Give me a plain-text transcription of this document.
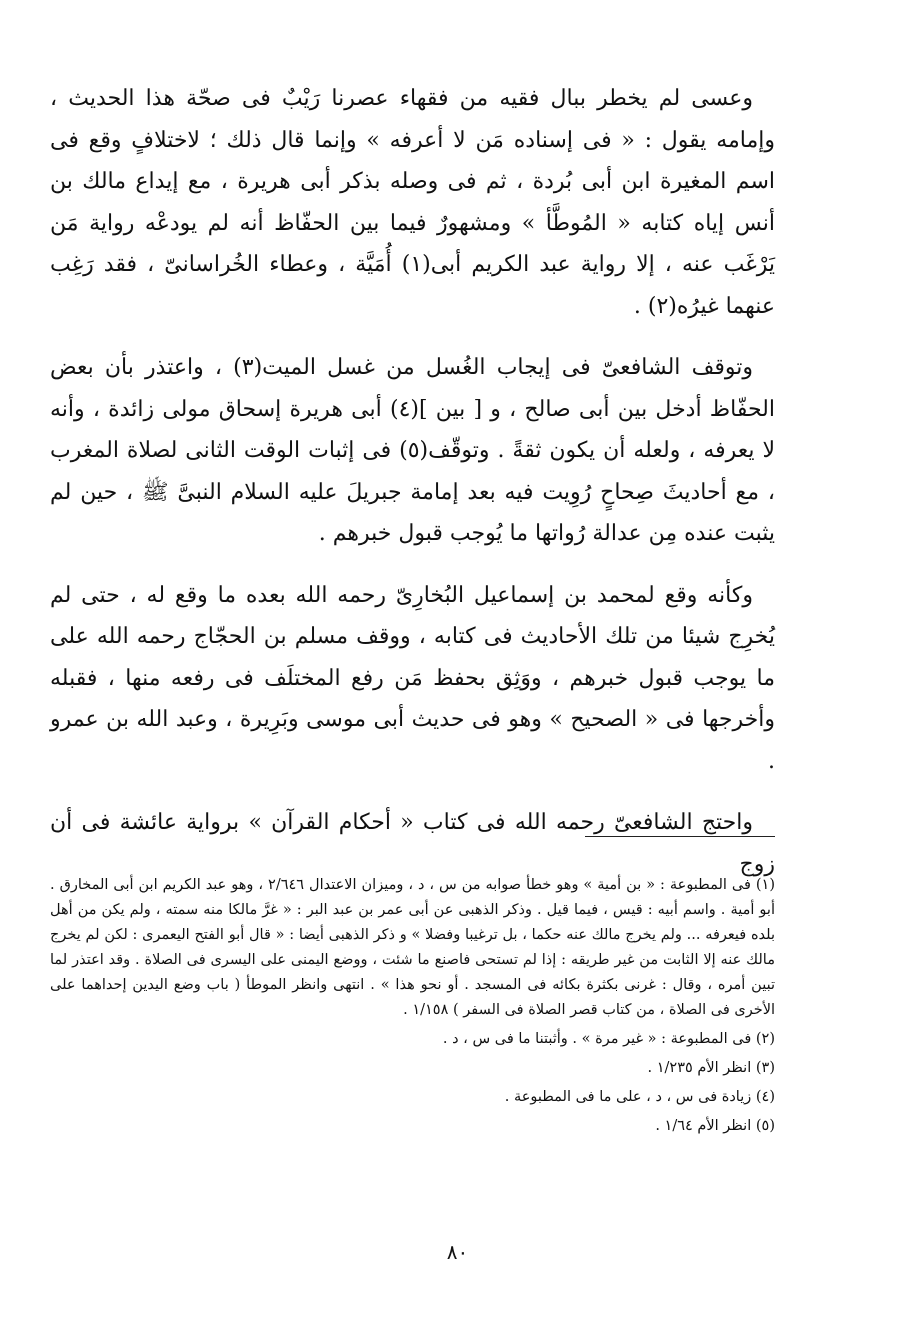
وعسى لم يخطر ببال فقيه من فقهاء عصرنا رَيْبٌ فى صحّة هذا الحديث ، وإمامه يقول : « فى إسناده مَن لا أعرفه » وإنما قال ذلك ؛ لاختلافٍ وقع فى اسم المغيرة ابن أبى بُردة ، ثم فى وصله بذكر أبى هريرة ، مع إيداع مالك بن أنس إياه كتابه « المُوطَّأ » ومشهورٌ فيما بين الحفّاظ أنه لم يودعْه رواية مَن يَرْغَب عنه ، إلا رواية عبد الكريم أبى(١) أُمَيَّة ، وعطاء الخُراسانىّ ، فقد رَغِب عنهما غيرُه(٢) .

وتوقف الشافعىّ فى إيجاب الغُسل من غسل الميت(٣) ، واعتذر بأن بعض الحفّاظ أدخل بين أبى صالح ، و [ بين ](٤) أبى هريرة إسحاق مولى زائدة ، وأنه لا يعرفه ، ولعله أن يكون ثقةً . وتوقّف(٥) فى إثبات الوقت الثانى لصلاة المغرب ، مع أحاديثَ صِحاحٍ رُوِيت فيه بعد إمامة جبريلَ عليه السلام النبىَّ ﷺ ، حين لم يثبت عنده مِن عدالة رُواتها ما يُوجب قبول خبرهم .

وكأنه وقع لمحمد بن إسماعيل البُخارِىّ رحمه الله بعده ما وقع له ، حتى لم يُخرِج شيئا من تلك الأحاديث فى كتابه ، ووقف مسلم بن الحجّاج رحمه الله على ما يوجب قبول خبرهم ، ووَثِق بحفظ مَن رفع المختلَف فى رفعه منها ، فقبله وأخرجها فى « الصحيح » وهو فى حديث أبى موسى وبَرِيرة ، وعبد الله بن عمرو .

واحتج الشافعىّ رحمه الله فى كتاب « أحكام القرآن » برواية عائشة فى أن زوج

(١) فى المطبوعة : « بن أمية » وهو خطأ صوابه من س ، د ، وميزان الاعتدال ٢/٦٤٦ ، وهو عبد الكريم ابن أبى المخارق . أبو أمية . واسم أبيه : قيس ، فيما قيل . وذكر الذهبى عن أبى عمر بن عبد البر : « غرَّ مالكا منه سمته ، ولم يكن من أهل بلده فيعرفه ... ولم يخرج مالك عنه حكما ، بل ترغيبا وفضلا » و ذكر الذهبى أيضا : « قال أبو الفتح اليعمرى : لكن لم يخرج مالك عنه إلا الثابت من غير طريقه : إذا لم تستحى فاصنع ما شئت ، ووضع اليمنى على اليسرى فى الصلاة . وقد اعتذر لما تبين أمره ، وقال : غرنى بكثرة بكائه فى المسجد . أو نحو هذا » . انتهى وانظر الموطأ ( باب وضع اليدين إحداهما على الأخرى فى الصلاة ، من كتاب قصر الصلاة فى السفر ) ١/١٥٨ .

(٢) فى المطبوعة : « غير مرة » . وأثبتنا ما فى س ، د .

(٣) انظر الأم ١/٢٣٥ .

(٤) زيادة فى س ، د ، على ما فى المطبوعة .

(٥) انظر الأم ١/٦٤ .

٨٠
